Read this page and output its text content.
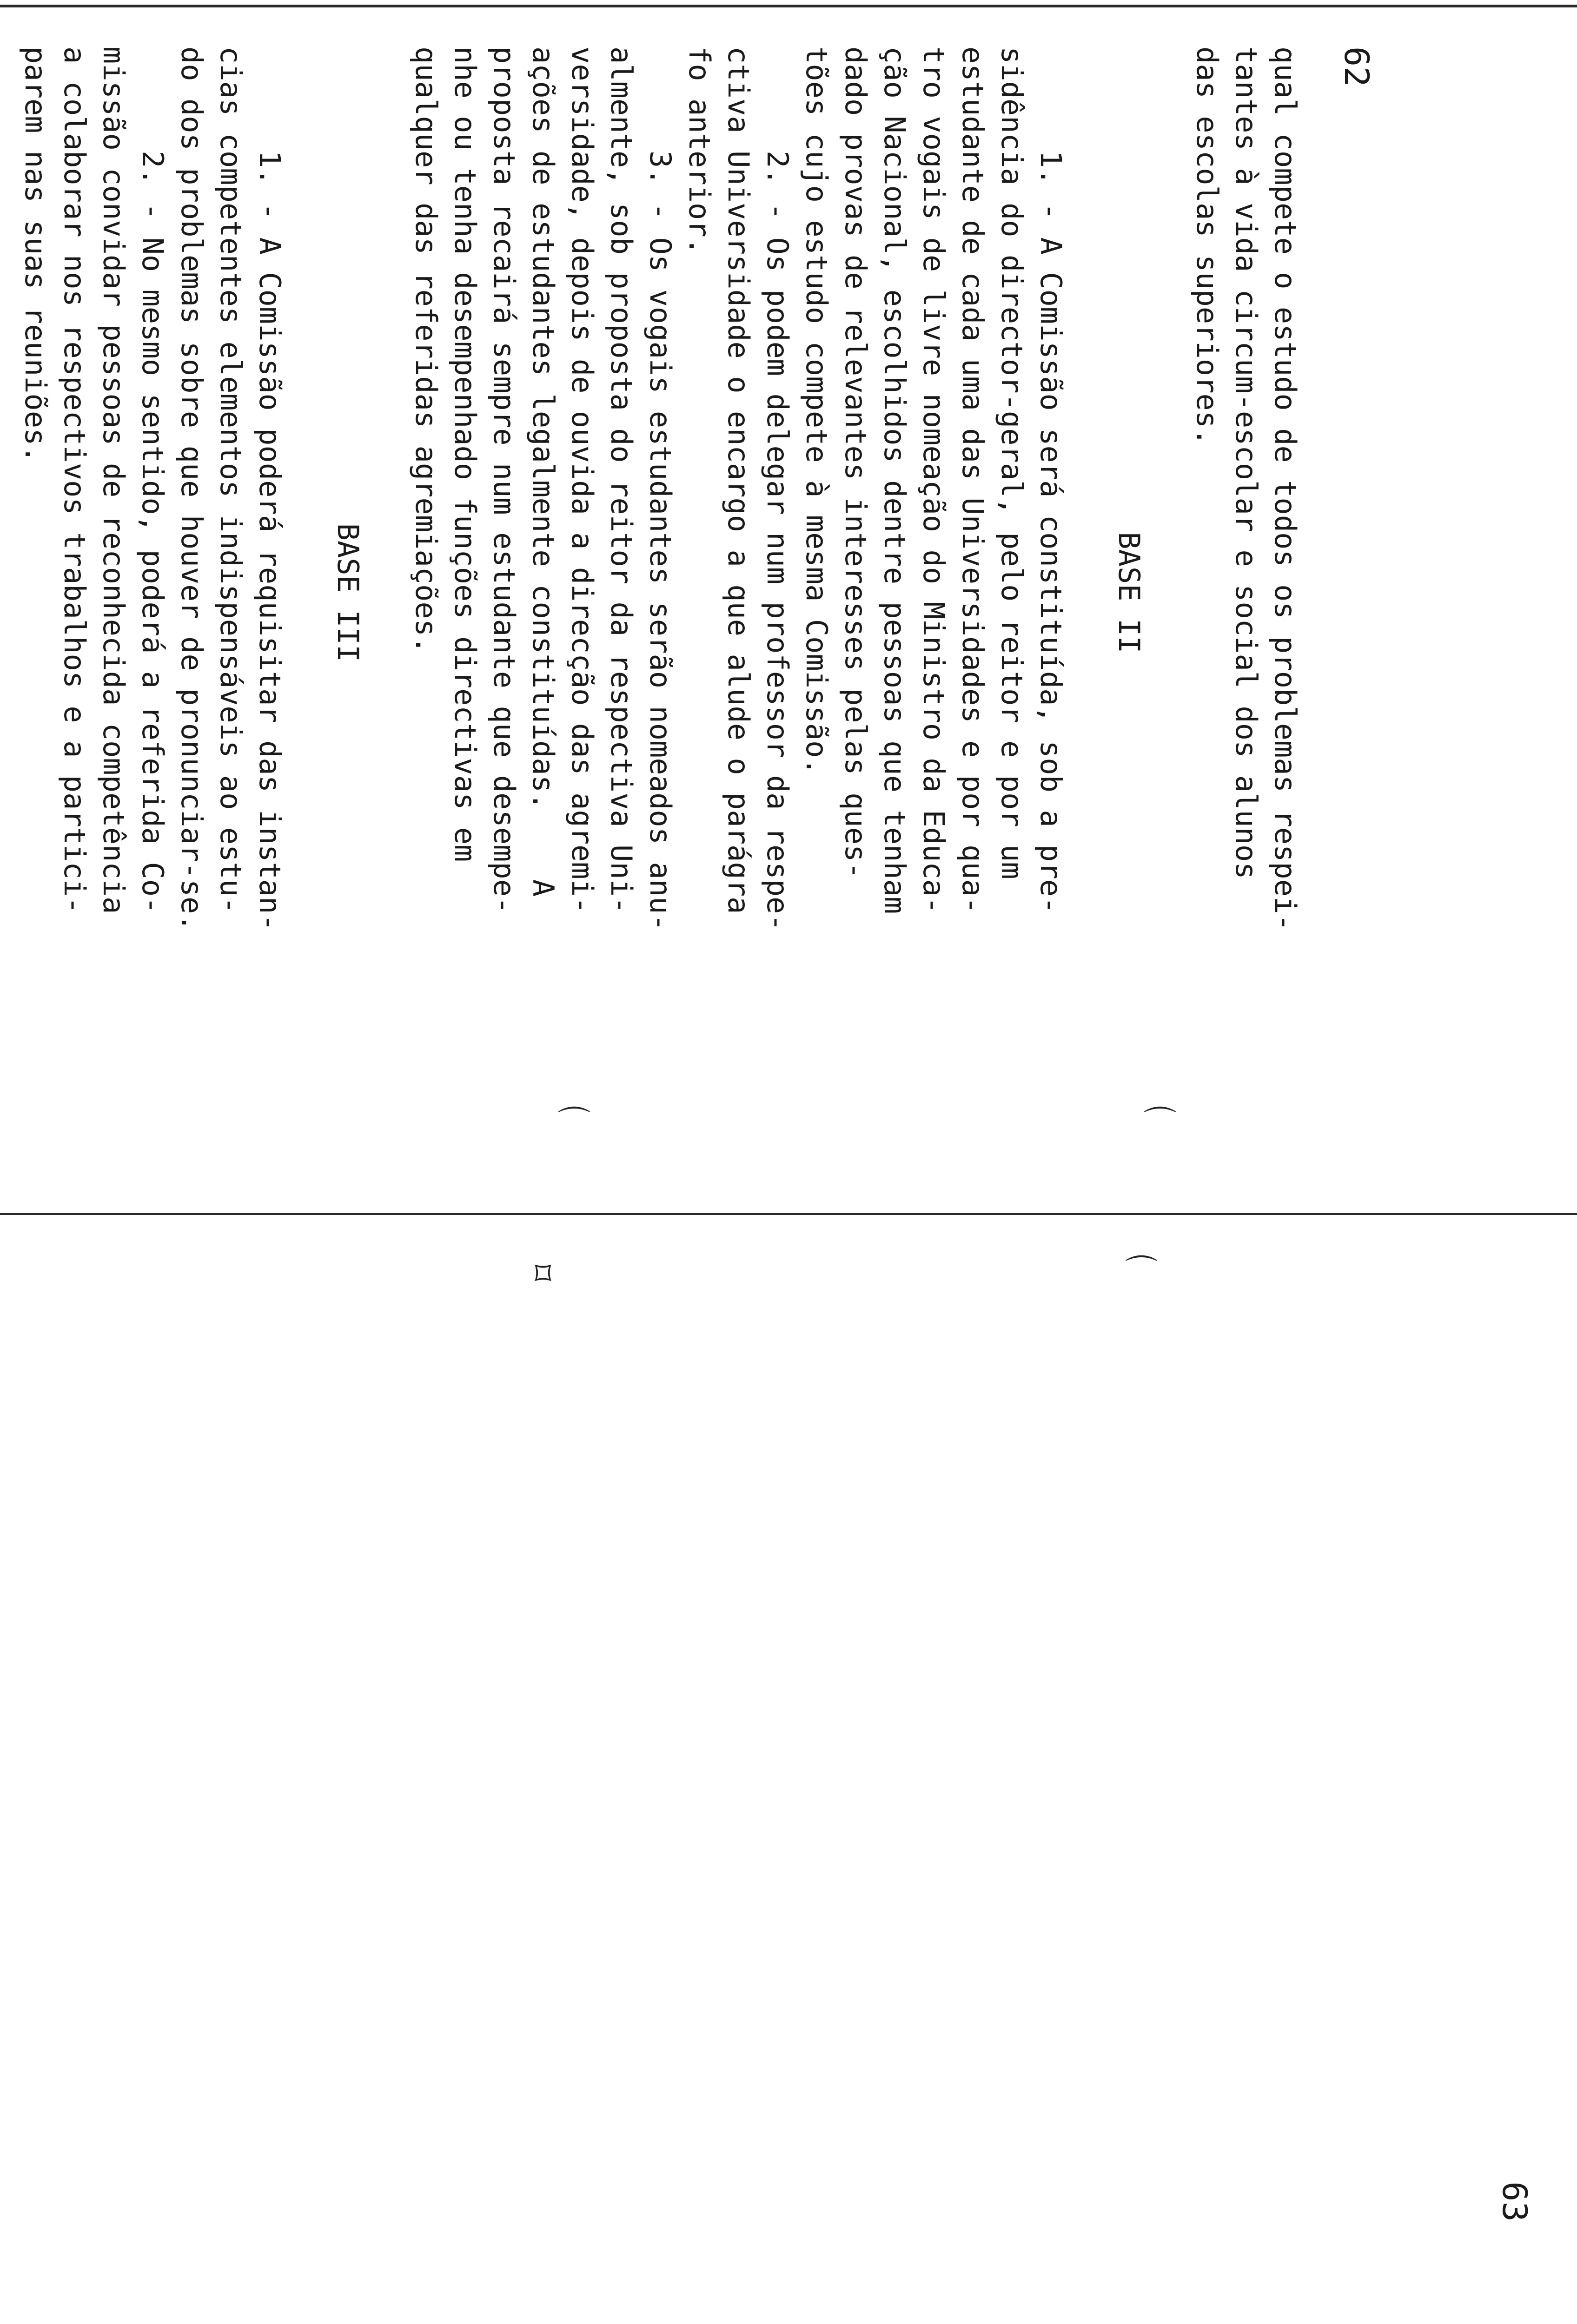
62

qual compete o estudo de todos os problemas respei-
tantes à vida circum-escolar e social dos alunos
das escolas superiores.

BASE II

1. - A Comissão será constituída, sob a pre-
sidência do director-geral, pelo reitor e por um
estudante de cada uma das Universidades e por qua-
tro vogais de livre nomeação do Ministro da Educa-
ção Nacional, escolhidos dentre pessoas que tenham
dado provas de relevantes interesses pelas ques-
tões cujo estudo compete à mesma Comissão.

2. - Os podem delegar num professor da respe-
ctiva Universidade o encargo a que alude o parágra
fo anterior.

3. - Os vogais estudantes serão nomeados anu-
almente, sob proposta do reitor da respectiva Uni-
versidade, depois de ouvida a direcção das agremi-
ações de estudantes legalmente constituídas.    A
proposta recairá sempre num estudante que desempe-
nhe ou tenha desempenhado funções directivas em
qualquer das referidas agremiações.

BASE III

1. - A Comissão poderá requisitar das instan-
cias competentes elementos indispensáveis ao estu-
do dos problemas sobre que houver de pronunciar-se.

2. - No mesmo sentido, poderá a referida Co-
missão convidar pessoas de reconhecida competência
a colaborar nos respectivos trabalhos e a partici-
parem nas suas reuniões.

63
⌒	⌒
⌑	⌒
